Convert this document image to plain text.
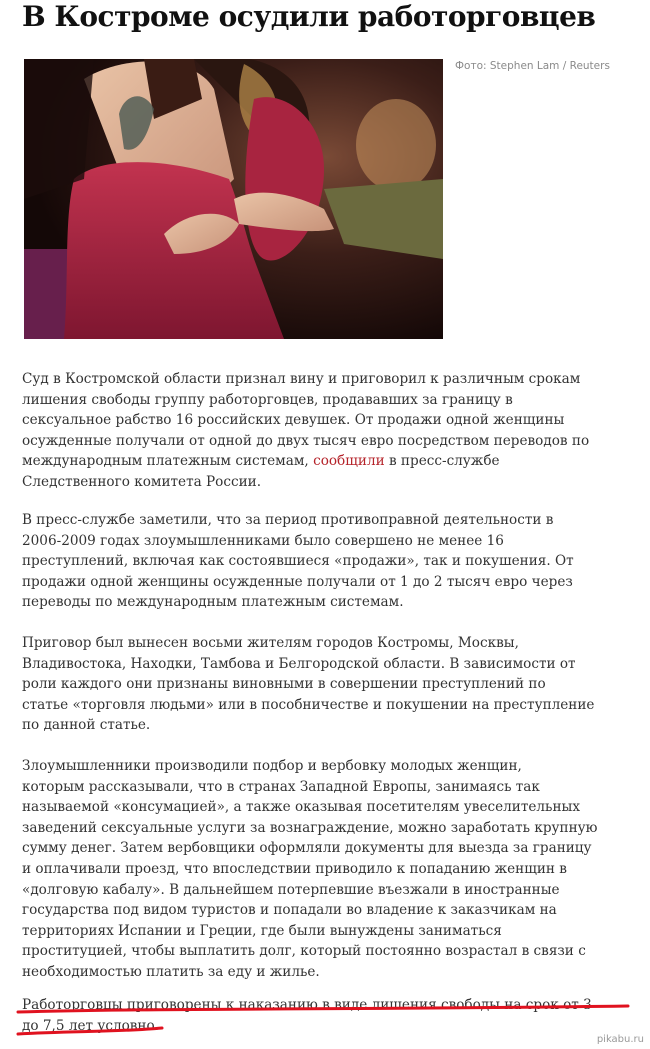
В Костроме осудили работорговцев
Фото: Stephen Lam / Reuters

Суд в Костромской области признал вину и приговорил к различным срокам
лишения свободы группу работорговцев, продававших за границу в
сексуальное рабство 16 российских девушек. От продажи одной женщины
осужденные получали от одной до двух тысяч евро посредством переводов по
международным платежным системам, сообщили в пресс-службе
Следственного комитета России.

В пресс-службе заметили, что за период противоправной деятельности в
2006-2009 годах злоумышленниками было совершено не менее 16
преступлений, включая как состоявшиеся «продажи», так и покушения. От
продажи одной женщины осужденные получали от 1 до 2 тысяч евро через
переводы по международным платежным системам.

Приговор был вынесен восьми жителям городов Костромы, Москвы,
Владивостока, Находки, Тамбова и Белгородской области. В зависимости от
роли каждого они признаны виновными в совершении преступлений по
статье «торговля людьми» или в пособничестве и покушении на преступление
по данной статье.

Злоумышленники производили подбор и вербовку молодых женщин,
которым рассказывали, что в странах Западной Европы, занимаясь так
называемой «консумацией», а также оказывая посетителям увеселительных
заведений сексуальные услуги за вознаграждение, можно заработать крупную
сумму денег. Затем вербовщики оформляли документы для выезда за границу
и оплачивали проезд, что впоследствии приводило к попаданию женщин в
«долговую кабалу». В дальнейшем потерпевшие въезжали в иностранные
государства под видом туристов и попадали во владение к заказчикам на
территориях Испании и Греции, где были вынуждены заниматься
проституцией, чтобы выплатить долг, который постоянно возрастал в связи с
необходимостью платить за еду и жилье.

Работорговцы приговорены к наказанию в виде лишения свободы на срок от 3
до 7,5 лет условно.

pikabu.ru
